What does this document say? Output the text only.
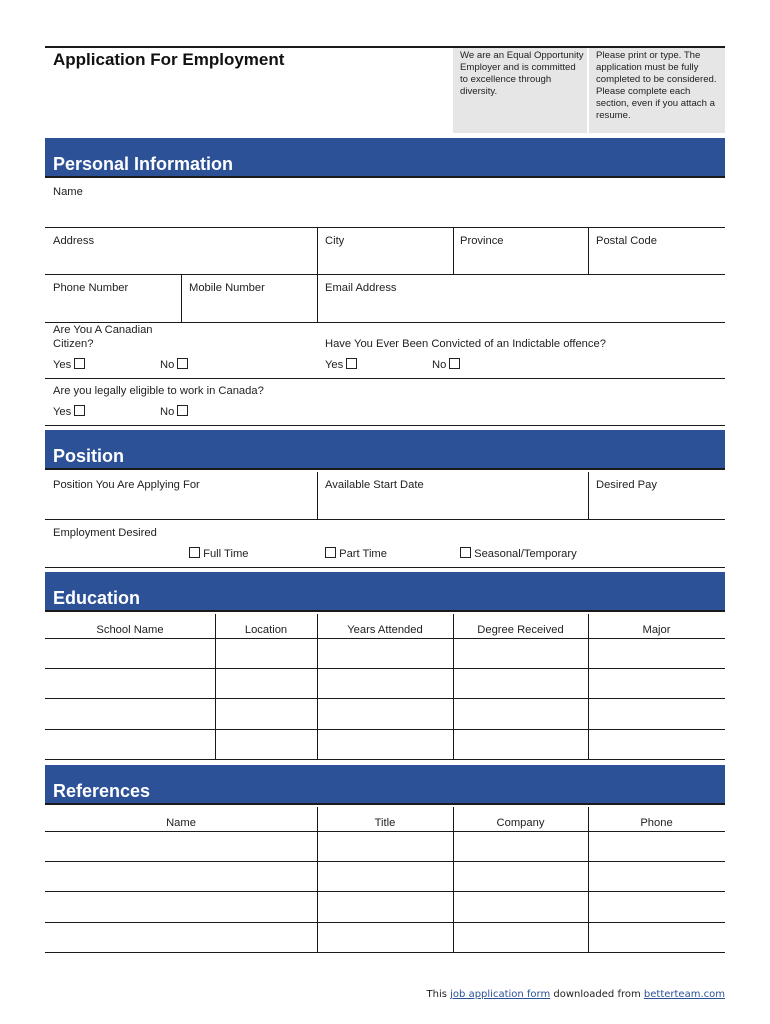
Application For Employment	We are an Equal Opportunity Employer and is committed to excellence through diversity.
Please print or type. The application must be fully completed to be considered. Please complete each section, even if you attach a resume.
Personal Information
Name
Address	City	Province	Postal Code
Phone Number	Mobile Number	Email Address
Are You A Canadian Citizen?
Yes	No
Have You Ever Been Convicted of an Indictable offence?
Yes	No
Are you legally eligible to work in Canada?
Yes	No
Position
Position You Are Applying For	Available Start Date	Desired Pay
Employment Desired
Full Time	Part Time	Seasonal/Temporary
Education
School Name	Location	Years Attended	Degree Received	Major
References
Name	Title	Company	Phone
This job application form downloaded from betterteam.com
